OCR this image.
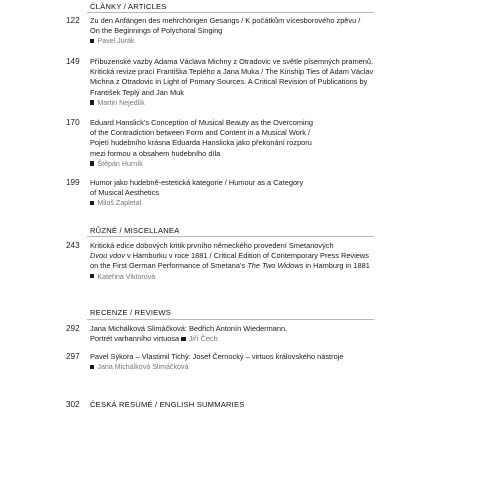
ČLÁNKY / ARTICLES
122 Zu den Anfängen des mehrchörigen Gesangs / K počátkům vícesborového zpěvu /
On the Beginnings of Polychoral Singing
Pavel Jurák
149 Příbuzenské vazby Adama Václava Michny z Otradovic ve světle písemných pramenů.
Kritická revize prací Františka Teplého a Jana Muka / The Kinship Ties of Adam Václav
Michna z Otradovic in Light of Primary Sources. A Critical Revision of Publications by
František Teplý and Jan Muk
Martin Nejedlík
170 Eduard Hanslick’s Conception of Musical Beauty as the Overcoming
of the Contradiction between Form and Content in a Musical Work /
Pojetí hudebního krásna Eduarda Hanslicka jako překonání rozporu
mezi formou a obsahem hudebního díla
Štěpán Hurník
199 Humor jako hudebně-estetická kategorie / Humour as a Category
of Musical Aesthetics
Miloš Zapletal
RŮZNÉ / MISCELLANEA
243 Kritická edice dobových kritik prvního německého provedení Smetanových
Dvou vdov v Hamburku v roce 1881 / Critical Edition of Contemporary Press Reviews
on the First German Performance of Smetana’s The Two Widows in Hamburg in 1881
Kateřina Viktorová
RECENZE / REVIEWS
292 Jana Michálková Slimáčková: Bedřich Antonín Wiedermann.
Portrét varhanního virtuosa Jiří Čech
297 Pavel Sýkora – Vlastimil Tichý: Josef Černocký – virtuos královského nástroje
Jana Michálková Slimáčková
302 ČESKÁ RESUMÉ / ENGLISH SUMMARIES
